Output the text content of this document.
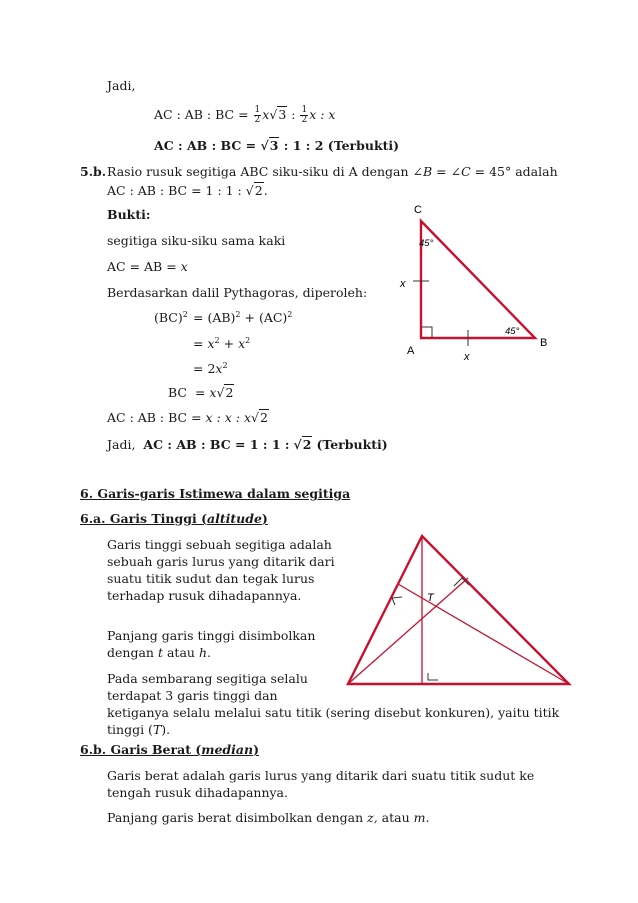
Jadi,
AC : AB : BC = $\frac{1}{2} x√3$ : $\frac{1}{2}$ x : x
AC : AB : BC = √3 : 1 : 2 (Terbukti)
5.b. Rasio rusuk segitiga ABC siku-siku di A dengan ∠B = ∠C = 45° adalah
AC : AB : BC = 1 : 1 : √2.
Bukti:
segitiga siku-siku sama kaki
AC = AB = x
Berdasarkan dalil Pythagoras, diperoleh:
(BC)$^2$ = (AB)$^2$ + (AC)$^2$
= $x^2 + x^2$
= $2x^2$
BC = x√2
AC : AB : BC = x : x : x√2
Jadi, AC : AB : BC = 1 : 1 : √2 (Terbukti)
C
A
B
45°
45°
x
x
6. Garis-garis Istimewa dalam segitiga
6.a. Garis Tinggi (altitude)
Garis tinggi sebuah segitiga adalah sebuah garis lurus yang ditarik dari suatu titik sudut dan tegak lurus terhadap rusuk dihadapannya.
Panjang garis tinggi disimbolkan dengan t atau h.
Pada sembarang segitiga selalu terdapat 3 garis tinggi dan
ketiganya selalu melalui satu titik (sering disebut konkuren), yaitu titik tinggi (T).
T
6.b. Garis Berat (median)
Garis berat adalah garis lurus yang ditarik dari suatu titik sudut ke tengah rusuk dihadapannya.
Panjang garis berat disimbolkan dengan z, atau m.
